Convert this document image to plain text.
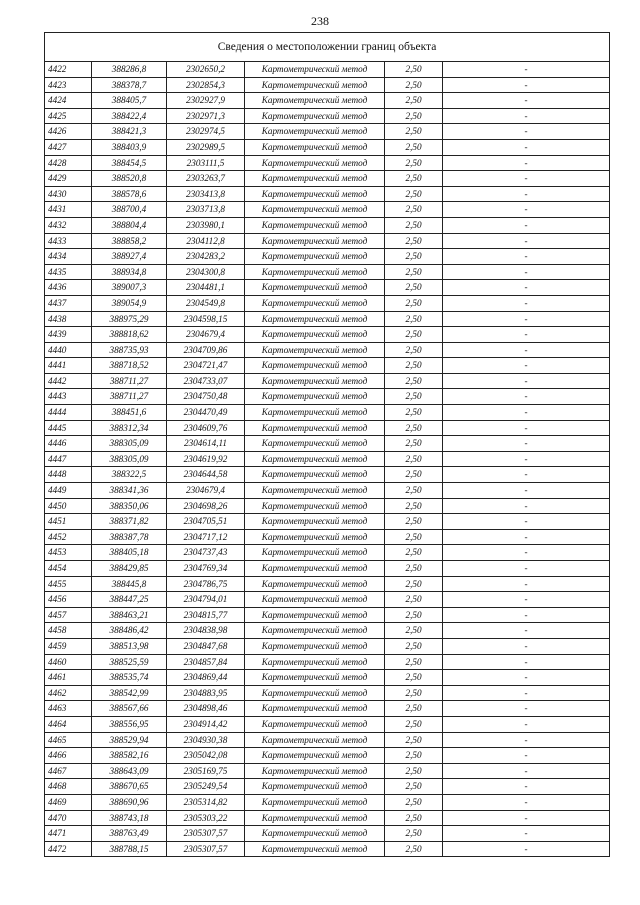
238
Сведения о местоположении границ объекта					
4422	388286,8	2302650,2	Картометрический метод	2,50	-
4423	388378,7	2302854,3	Картометрический метод	2,50	-
4424	388405,7	2302927,9	Картометрический метод	2,50	-
4425	388422,4	2302971,3	Картометрический метод	2,50	-
4426	388421,3	2302974,5	Картометрический метод	2,50	-
4427	388403,9	2302989,5	Картометрический метод	2,50	-
4428	388454,5	2303111,5	Картометрический метод	2,50	-
4429	388520,8	2303263,7	Картометрический метод	2,50	-
4430	388578,6	2303413,8	Картометрический метод	2,50	-
4431	388700,4	2303713,8	Картометрический метод	2,50	-
4432	388804,4	2303980,1	Картометрический метод	2,50	-
4433	388858,2	2304112,8	Картометрический метод	2,50	-
4434	388927,4	2304283,2	Картометрический метод	2,50	-
4435	388934,8	2304300,8	Картометрический метод	2,50	-
4436	389007,3	2304481,1	Картометрический метод	2,50	-
4437	389054,9	2304549,8	Картометрический метод	2,50	-
4438	388975,29	2304598,15	Картометрический метод	2,50	-
4439	388818,62	2304679,4	Картометрический метод	2,50	-
4440	388735,93	2304709,86	Картометрический метод	2,50	-
4441	388718,52	2304721,47	Картометрический метод	2,50	-
4442	388711,27	2304733,07	Картометрический метод	2,50	-
4443	388711,27	2304750,48	Картометрический метод	2,50	-
4444	388451,6	2304470,49	Картометрический метод	2,50	-
4445	388312,34	2304609,76	Картометрический метод	2,50	-
4446	388305,09	2304614,11	Картометрический метод	2,50	-
4447	388305,09	2304619,92	Картометрический метод	2,50	-
4448	388322,5	2304644,58	Картометрический метод	2,50	-
4449	388341,36	2304679,4	Картометрический метод	2,50	-
4450	388350,06	2304698,26	Картометрический метод	2,50	-
4451	388371,82	2304705,51	Картометрический метод	2,50	-
4452	388387,78	2304717,12	Картометрический метод	2,50	-
4453	388405,18	2304737,43	Картометрический метод	2,50	-
4454	388429,85	2304769,34	Картометрический метод	2,50	-
4455	388445,8	2304786,75	Картометрический метод	2,50	-
4456	388447,25	2304794,01	Картометрический метод	2,50	-
4457	388463,21	2304815,77	Картометрический метод	2,50	-
4458	388486,42	2304838,98	Картометрический метод	2,50	-
4459	388513,98	2304847,68	Картометрический метод	2,50	-
4460	388525,59	2304857,84	Картометрический метод	2,50	-
4461	388535,74	2304869,44	Картометрический метод	2,50	-
4462	388542,99	2304883,95	Картометрический метод	2,50	-
4463	388567,66	2304898,46	Картометрический метод	2,50	-
4464	388556,95	2304914,42	Картометрический метод	2,50	-
4465	388529,94	2304930,38	Картометрический метод	2,50	-
4466	388582,16	2305042,08	Картометрический метод	2,50	-
4467	388643,09	2305169,75	Картометрический метод	2,50	-
4468	388670,65	2305249,54	Картометрический метод	2,50	-
4469	388690,96	2305314,82	Картометрический метод	2,50	-
4470	388743,18	2305303,22	Картометрический метод	2,50	-
4471	388763,49	2305307,57	Картометрический метод	2,50	-
4472	388788,15	2305307,57	Картометрический метод	2,50	-
